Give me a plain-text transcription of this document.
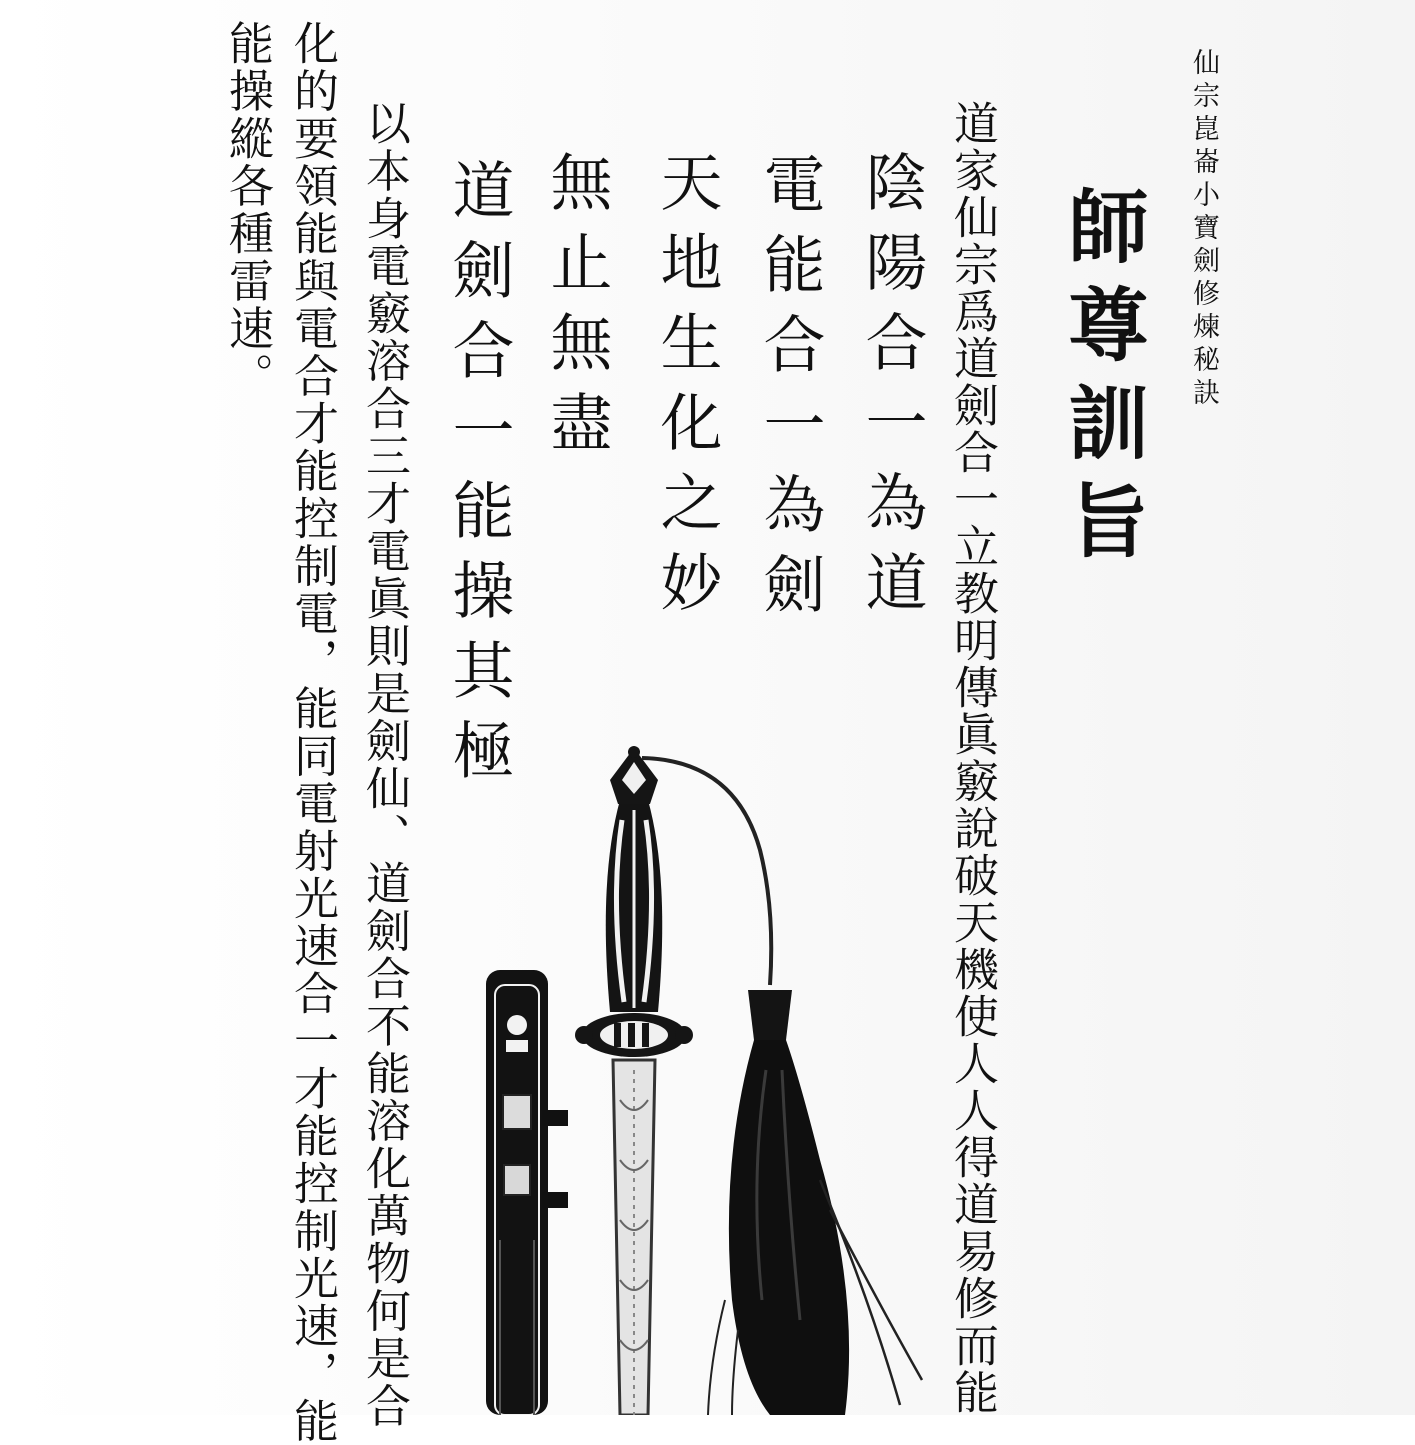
仙宗崑崙小寶劍修煉秘訣
師尊訓旨
道家仙宗爲道劍合一立教明傳眞竅說破天機使人人得道易修而能
陰陽合一為道
電能合一為劍
天地生化之妙
無止無盡
道劍合一能操其極
以本身電竅溶合三才電眞則是劍仙、道劍合不能溶化萬物何是合
化的要領能與電合才能控制電，能同電射光速合一才能控制光速，能
能操縱各種雷速。
